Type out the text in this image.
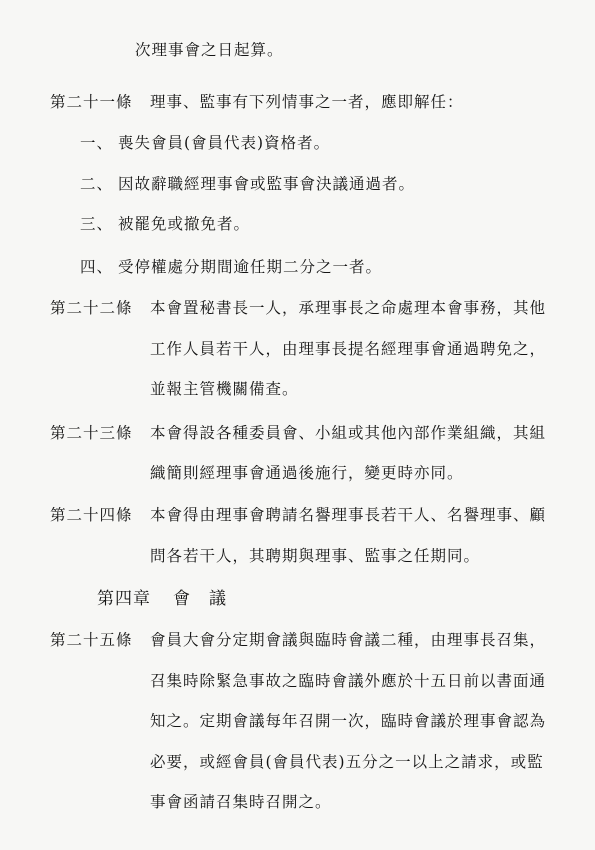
次理事會之日起算。
第二十一條 理事、監事有下列情事之一者，應即解任：
一、 喪失會員(會員代表)資格者。
二、 因故辭職經理事會或監事會決議通過者。
三、 被罷免或撤免者。
四、 受停權處分期間逾任期二分之一者。
第二十二條 本會置秘書長一人，承理事長之命處理本會事務，其他
工作人員若干人，由理事長提名經理事會通過聘免之，
並報主管機關備查。
第二十三條 本會得設各種委員會、小組或其他內部作業組織，其組
織簡則經理事會通過後施行，變更時亦同。
第二十四條 本會得由理事會聘請名譽理事長若干人、名譽理事、顧
問各若干人，其聘期與理事、監事之任期同。
第四章 會 議
第二十五條 會員大會分定期會議與臨時會議二種，由理事長召集，
召集時除緊急事故之臨時會議外應於十五日前以書面通
知之。定期會議每年召開一次，臨時會議於理事會認為
必要，或經會員(會員代表)五分之一以上之請求，或監
事會函請召集時召開之。
